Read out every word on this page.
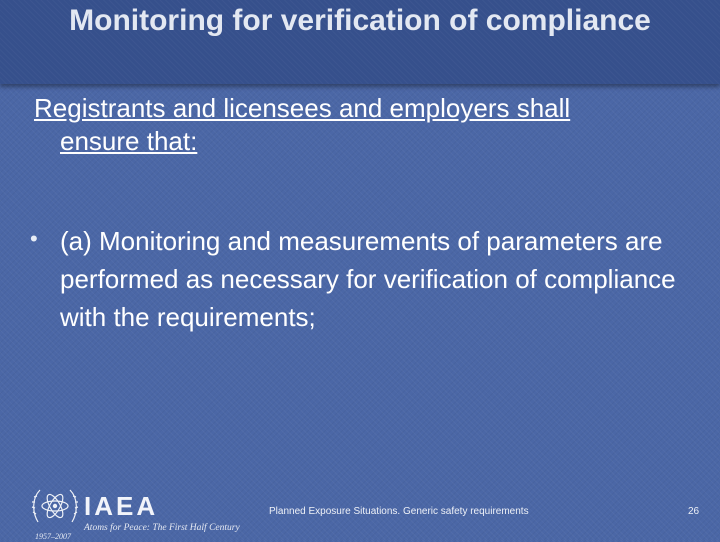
Monitoring for verification of compliance

Registrants and licensees and employers shall
ensure that:

• (a) Monitoring and measurements of parameters are performed as necessary for verification of compliance with the requirements;
IAEA
Atoms for Peace: The First Half Century
1957–2007
Planned Exposure Situations. Generic safety requirements	26
